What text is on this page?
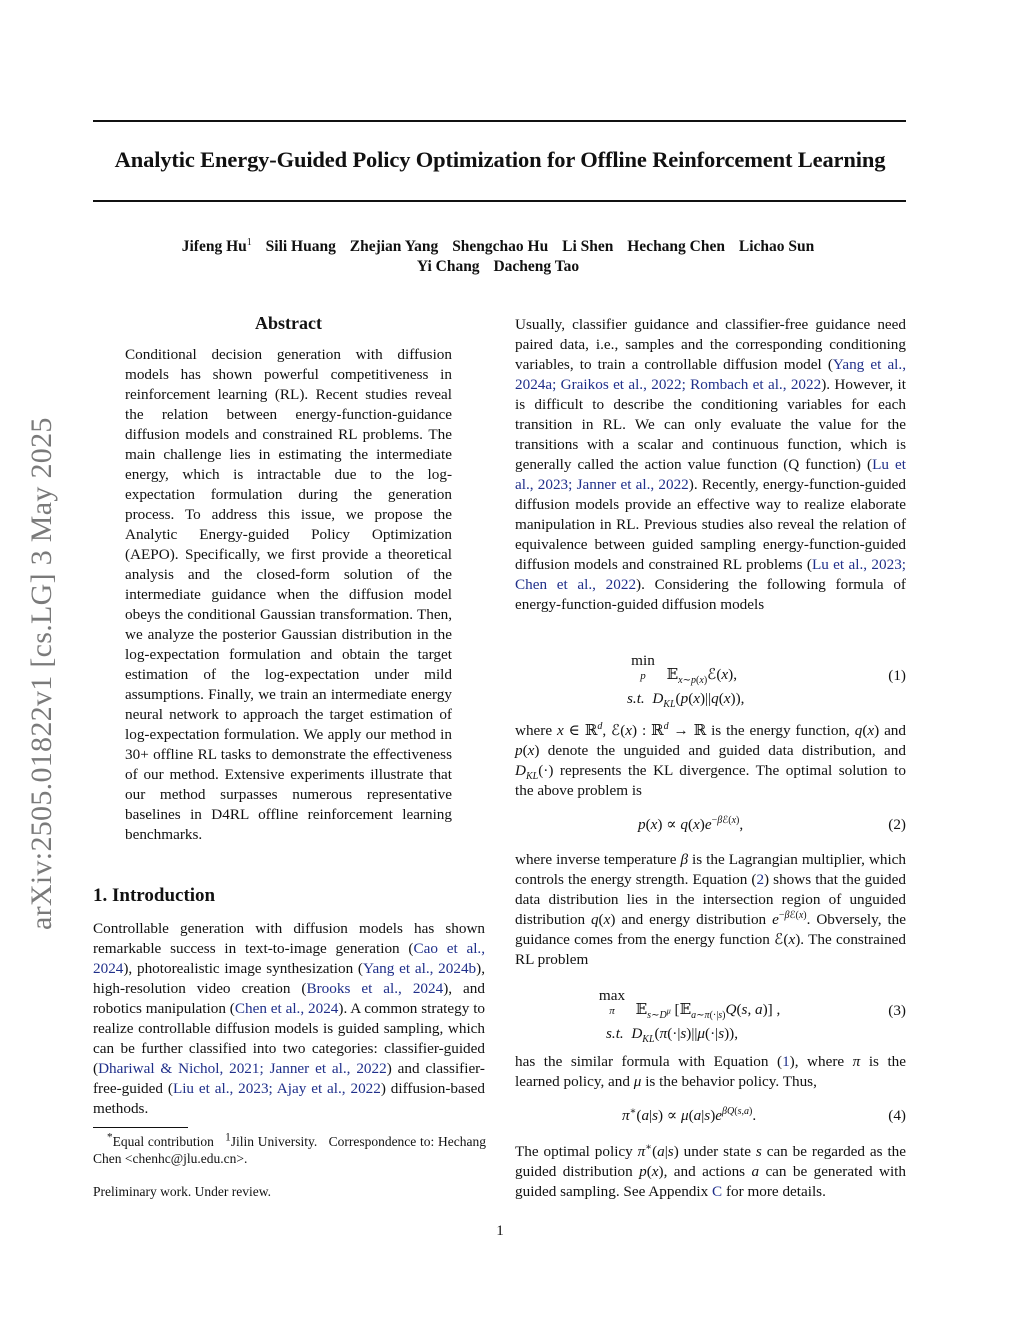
Analytic Energy-Guided Policy Optimization for Offline Reinforcement Learning
Jifeng Hu$^1$ Sili Huang Zhejian Yang Shengchao Hu Li Shen Hechang Chen Lichao Sun
Yi Chang Dacheng Tao
arXiv:2505.01822v1 [cs.LG] 3 May 2025
Abstract

Conditional decision generation with diffusion models has shown powerful competitiveness in reinforcement learning (RL). Recent studies reveal the relation between energy-function-guidance diffusion models and constrained RL problems. The main challenge lies in estimating the intermediate energy, which is intractable due to the log-expectation formulation during the generation process. To address this issue, we propose the Analytic Energy-guided Policy Optimization (AEPO). Specifically, we first provide a theoretical analysis and the closed-form solution of the intermediate guidance when the diffusion model obeys the conditional Gaussian transformation. Then, we analyze the posterior Gaussian distribution in the log-expectation formulation and obtain the target estimation of the log-expectation under mild assumptions. Finally, we train an intermediate energy neural network to approach the target estimation of log-expectation formulation. We apply our method in 30+ offline RL tasks to demonstrate the effectiveness of our method. Extensive experiments illustrate that our method surpasses numerous representative baselines in D4RL offline reinforcement learning benchmarks.

1. Introduction

Controllable generation with diffusion models has shown remarkable success in text-to-image generation (Cao et al., 2024), photorealistic image synthesization (Yang et al., 2024b), high-resolution video creation (Brooks et al., 2024), and robotics manipulation (Chen et al., 2024). A common strategy to realize controllable diffusion models is guided sampling, which can be further classified into two categories: classifier-guided (Dhariwal & Nichol, 2021; Janner et al., 2022) and classifier-free-guided (Liu et al., 2023; Ajay et al., 2022) diffusion-based methods.

*Equal contribution $^1$Jilin University. Correspondence to: Hechang Chen <chenhc@jlu.edu.cn>.

Preliminary work. Under review.

Usually, classifier guidance and classifier-free guidance need paired data, i.e., samples and the corresponding conditioning variables, to train a controllable diffusion model (Yang et al., 2024a; Graikos et al., 2022; Rombach et al., 2022). However, it is difficult to describe the conditioning variables for each transition in RL. We can only evaluate the value for the transitions with a scalar and continuous function, which is generally called the action value function (Q function) (Lu et al., 2023; Janner et al., 2022). Recently, energy-function-guided diffusion models provide an effective way to realize elaborate manipulation in RL. Previous studies also reveal the relation of equivalence between guided sampling energy-function-guided diffusion models and constrained RL problems (Lu et al., 2023; Chen et al., 2022). Considering the following formula of energy-function-guided diffusion models

min

p 𝔼$_{x\sim p(x)}$ℰ(x),
s.t. $D_{KL}(p(x)||q(x))$,
(1)

where x ∈ ℝ$^d$, ℰ(x) : ℝ$^d$ → ℝ is the energy function, q(x) and p(x) denote the unguided and guided data distribution, and $D_{KL}(\cdot)$ represents the KL divergence. The optimal solution to the above problem is

$p(x) \propto q(x)e^{-\beta ℰ(x)}$,	(2)

where inverse temperature β is the Lagrangian multiplier, which controls the energy strength. Equation (2) shows that the guided data distribution lies in the intersection region of unguided distribution q(x) and energy distribution $e^{-\beta ℰ(x)}$. Obversely, the guidance comes from the energy function ℰ(x). The constrained RL problem

max

π 𝔼$_{s\sim D^\mu}$ [𝔼$_{a\sim\pi(\cdot|s)}$Q(s, a)] ,
s.t. $D_{KL}(\pi(\cdot|s)||\mu(\cdot|s))$,
(3)

has the similar formula with Equation (1), where π is the learned policy, and μ is the behavior policy. Thus,

$\pi^∗(a|s) \propto \mu(a|s)e^{\beta Q(s,a)}$.	(4)

The optimal policy π∗(a|s) under state s can be regarded as the guided distribution p(x), and actions a can be generated with guided sampling. See Appendix C for more details.

1
